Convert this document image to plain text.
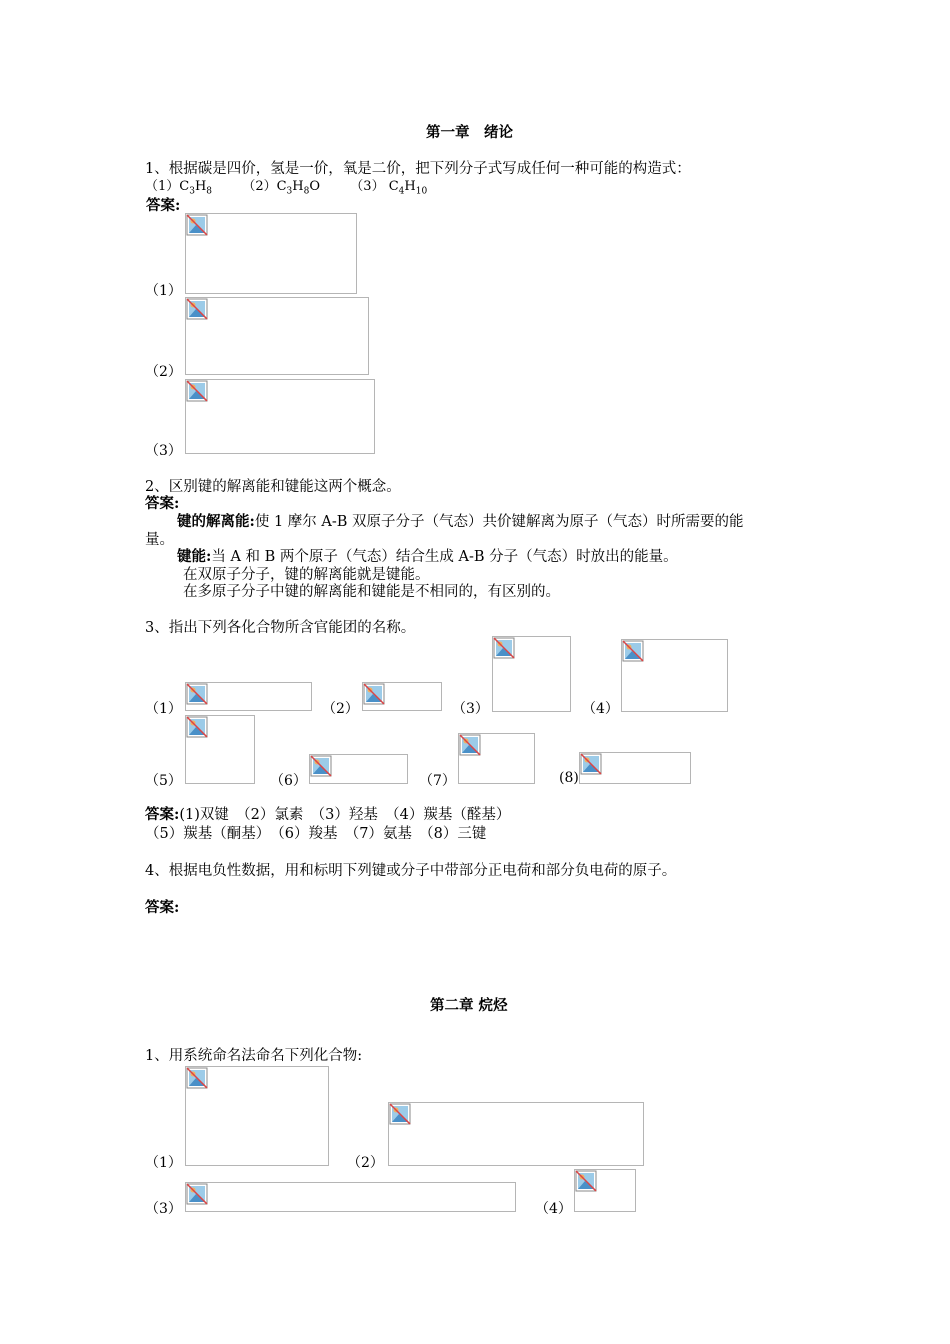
第一章　绪论
1、根据碳是四价，氢是一价，氧是二价，把下列分子式写成任何一种可能的构造式：
$(1)C_3H_8$ $(2)C_3H_8O$ （3） $C_4H_{10}$
答案:
（1）
（2）
（3）
2、区别键的解离能和键能这两个概念。
答案:
键的解离能:使 1 摩尔 A-B 双原子分子（气态）共价键解离为原子（气态）时所需要的能
量。
键能:当 A 和 B 两个原子（气态）结合生成 A-B 分子（气态）时放出的能量。
在双原子分子，键的解离能就是键能。
在多原子分子中键的解离能和键能是不相同的，有区别的。
3、指出下列各化合物所含官能团的名称。
（1）	（2）	（3）	（4）
（5）	（6）	（7）	(8)
答案:(1)双键　（2）氯素　（3）羟基　（4）羰基（醛基）
（5）羰基（酮基）　（6）羧基　（7）氨基　（8）三键
4、根据电负性数据，用和标明下列键或分子中带部分正电荷和部分负电荷的原子。
答案:
第二章 烷烃
1、用系统命名法命名下列化合物:
（1）	（2）
（3）	（4）
